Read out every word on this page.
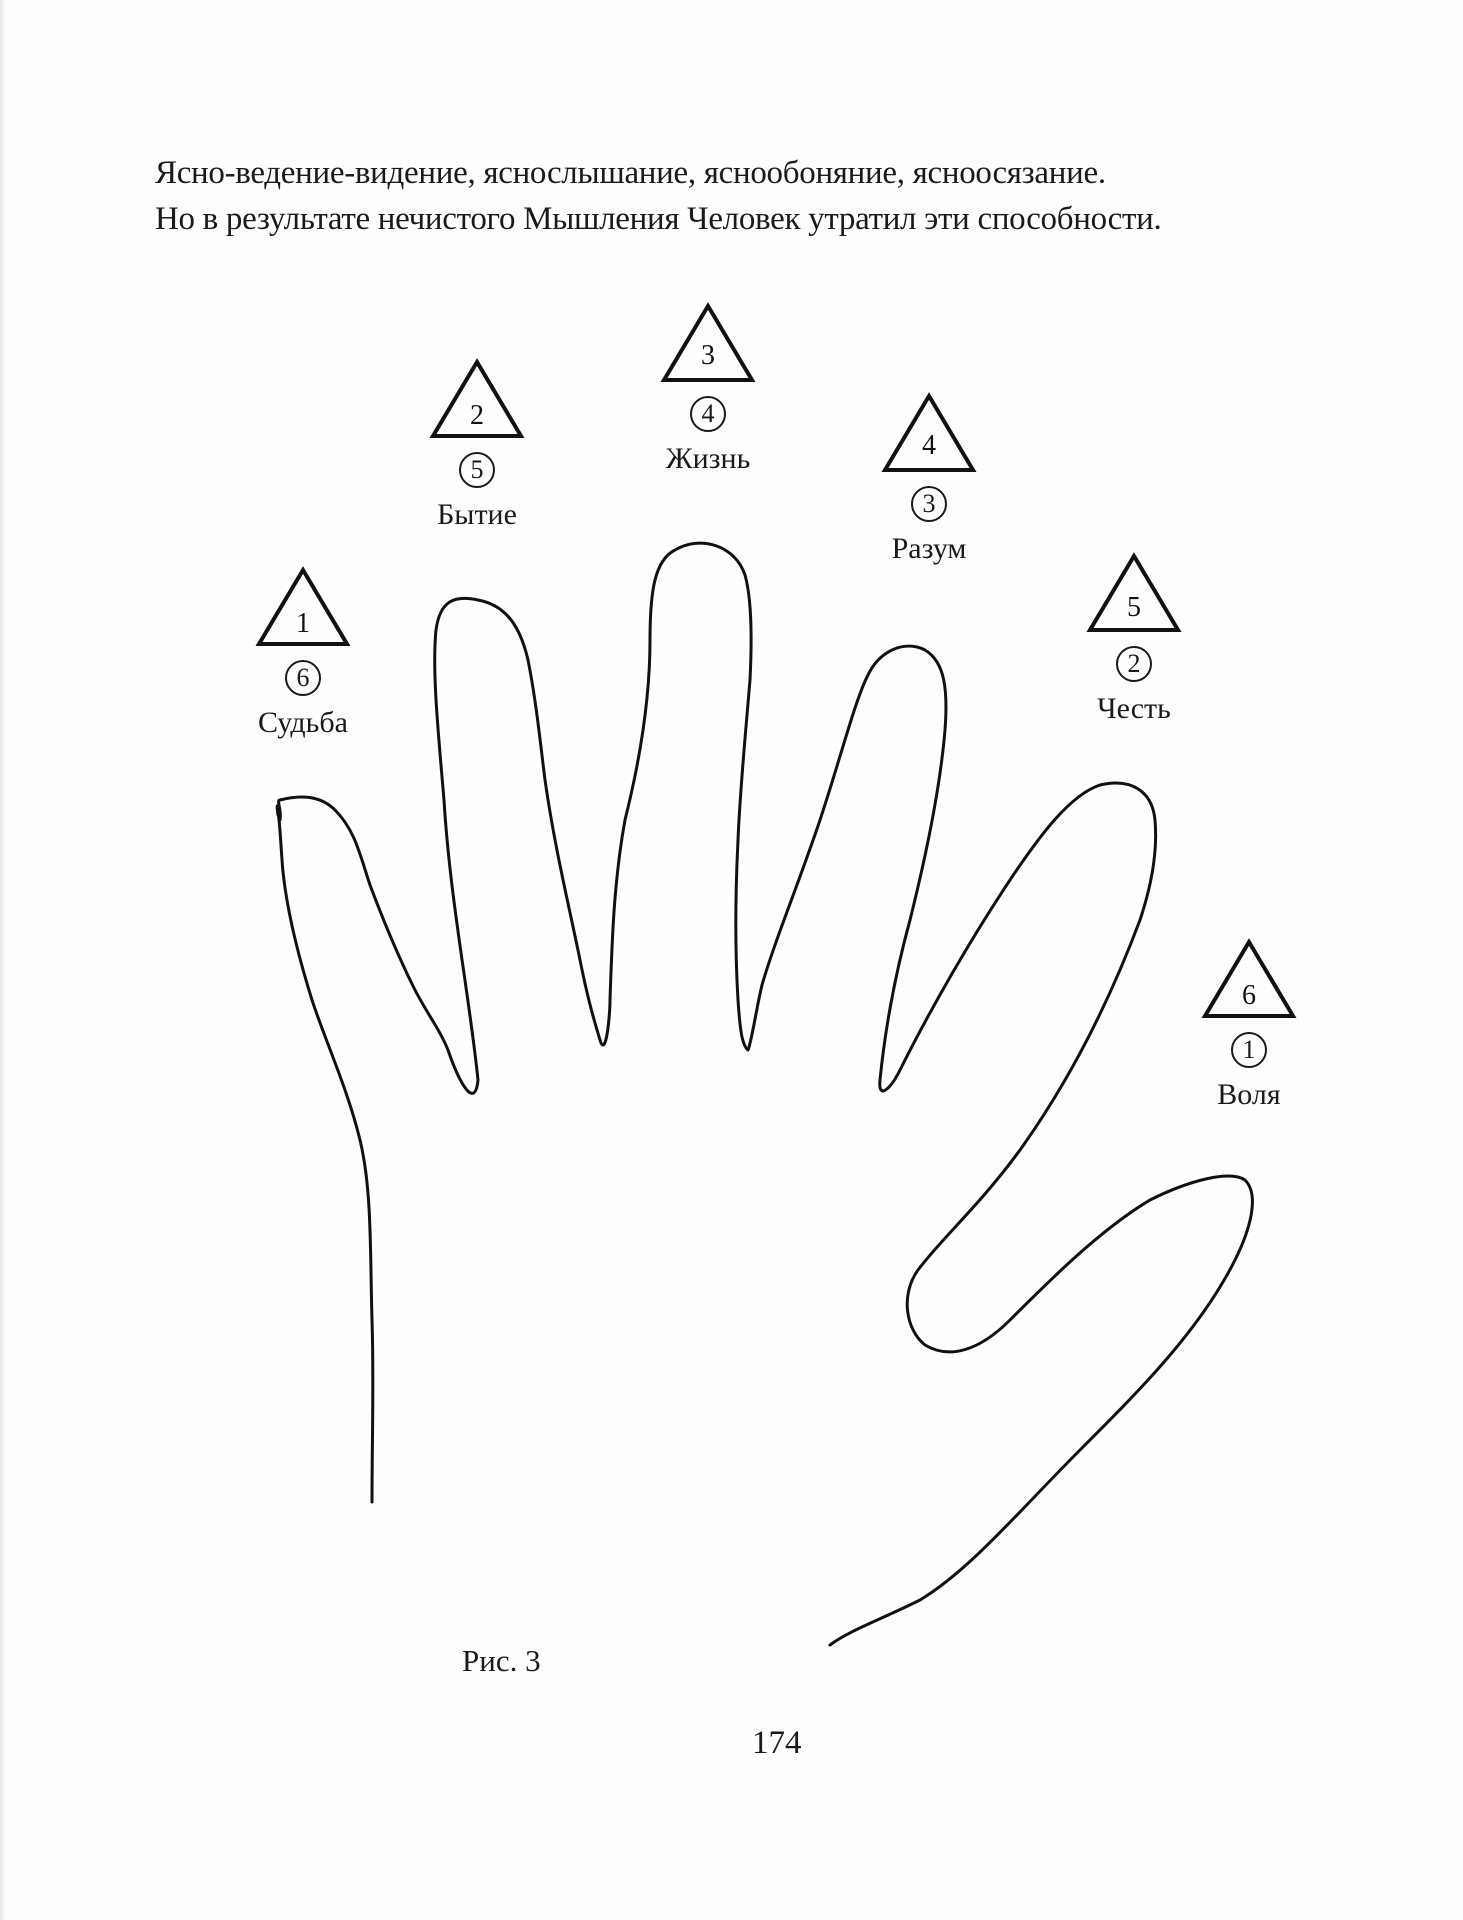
Ясно-ведение-видение, яснослышание, яснообоняние, ясноосязание.
Но в результате нечистого Мышления Человек утратил эти способности.
1
6
Судьба
2
5
Бытие
3
4
Жизнь	4
3
Разум
5
2
Честь
6
1
Воля
Рис. 3
174
